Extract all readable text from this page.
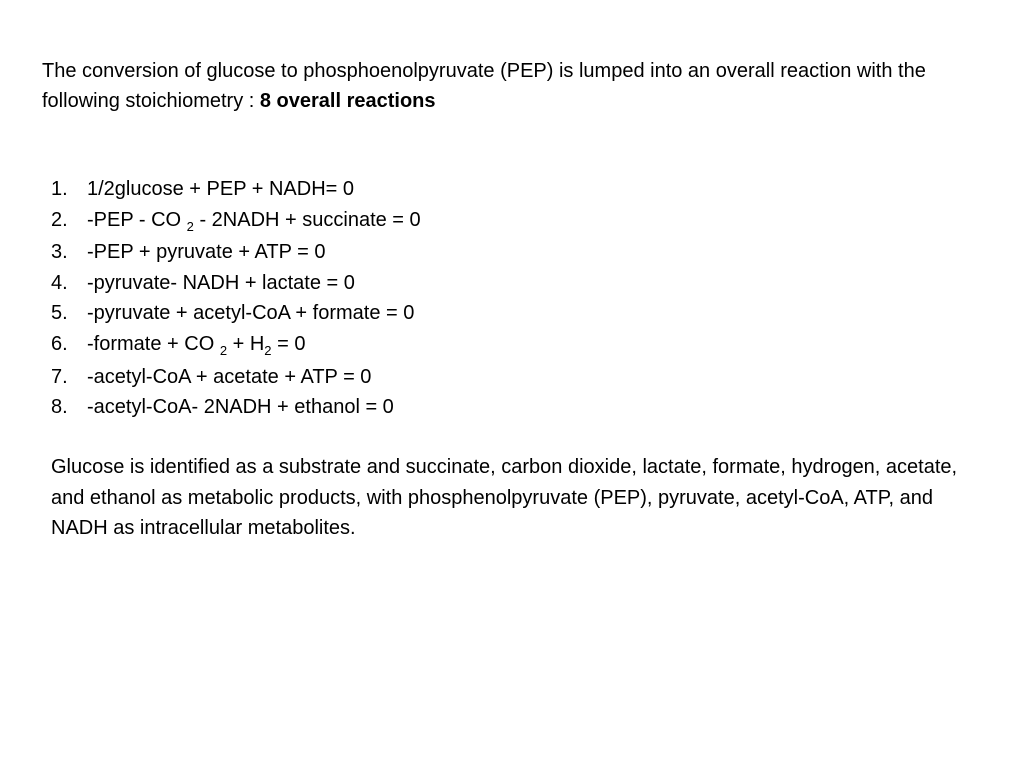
The conversion of glucose to phosphoenolpyruvate (PEP) is lumped into an overall reaction with the following stoichiometry : 8 overall reactions

1. 1/2glucose + PEP + NADH= 0
2. -PEP - CO $_2$ - 2NADH + succinate = 0
3. -PEP + pyruvate + ATP = 0
4. -pyruvate- NADH + lactate = 0
5. -pyruvate + acetyl-CoA + formate = 0
6. -formate + CO $_2 + H_2 = 0$
7. -acetyl-CoA + acetate + ATP = 0
8. -acetyl-CoA- 2NADH + ethanol = 0

Glucose is identified as a substrate and succinate, carbon dioxide, lactate, formate, hydrogen, acetate, and ethanol as metabolic products, with phosphenolpyruvate (PEP), pyruvate, acetyl-CoA, ATP, and NADH as intracellular metabolites.
